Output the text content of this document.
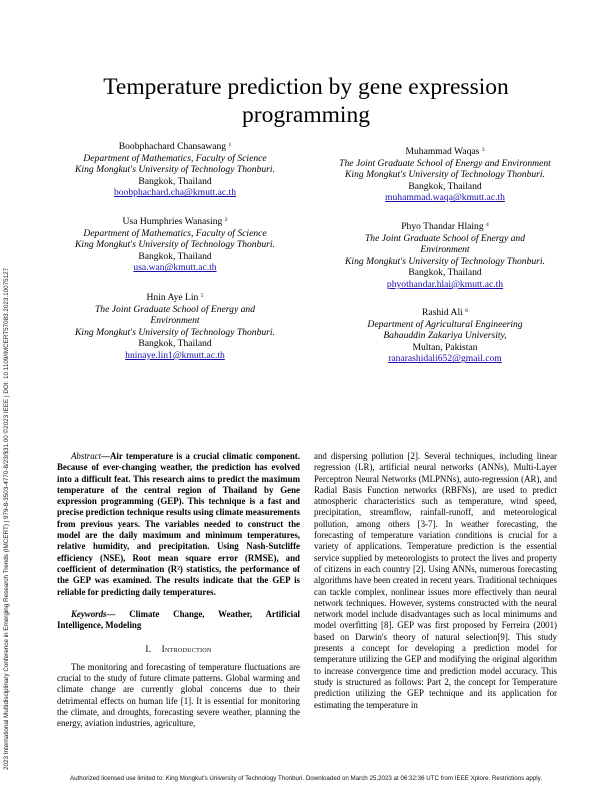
2023 International Multidisciplinary Conference in Emerging Research Trends (IMCERT) | 979-8-3503-4770-8/23/$31.00 ©2023 IEEE | DOI: 10.1109/IMCERT57083.2023.10075127
Temperature prediction by gene expression programming
Boobphachard Chansawang $^1$
Department of Mathematics, Faculty of Science
King Mongkut's University of Technology Thonburi.
Bangkok, Thailand
boobphachard.cha@kmutt.ac.th
Usa Humphries Wanasing $^2$
Department of Mathematics, Faculty of Science
King Mongkut's University of Technology Thonburi.
Bangkok, Thailand
usa.wan@kmutt.ac.th
Hnin Aye Lin $^5$
The Joint Graduate School of Energy and
Environment
King Mongkut's University of Technology Thonburi.
Bangkok, Thailand
hninaye.lin1@kmutt.ac.th
Muhammad Waqas $^3$
The Joint Graduate School of Energy and Environment
King Mongkut's University of Technology Thonburi.
Bangkok, Thailand
muhammad.waqa@kmutt.ac.th
Phyo Thandar Hlaing $^4$
The Joint Graduate School of Energy and
Environment
King Mongkut's University of Technology Thonburi.
Bangkok, Thailand
phyothandar.hlai@kmutt.ac.th
Rashid Ali $^6$
Department of Agricultural Engineering
Bahauddin Zakariya University,
Multan, Pakistan
ranarashidali652@gmail.com

Abstract—Air temperature is a crucial climatic component. Because of ever-changing weather, the prediction has evolved into a difficult feat. This research aims to predict the maximum temperature of the central region of Thailand by Gene expression programming (GEP). This technique is a fast and precise prediction technique results using climate measurements from previous years. The variables needed to construct the model are the daily maximum and minimum temperatures, relative humidity, and precipitation. Using Nash-Sutcliffe efficiency (NSE), Root mean square error (RMSE), and coefficient of determination (R²) statistics, the performance of the GEP was examined. The results indicate that the GEP is reliable for predicting daily temperatures.

Keywords— Climate Change, Weather, Artificial Intelligence, Modeling

I. Introduction

The monitoring and forecasting of temperature fluctuations are crucial to the study of future climate patterns. Global warming and climate change are currently global concerns due to their detrimental effects on human life [1]. It is essential for monitoring the climate, and droughts, forecasting severe weather, planning the energy, aviation industries, agriculture,

and dispersing pollution [2]. Several techniques, including linear regression (LR), artificial neural networks (ANNs), Multi-Layer Perceptron Neural Networks (MLPNNs), auto-regression (AR), and Radial Basis Function networks (RBFNs), are used to predict atmospheric characteristics such as temperature, wind speed, precipitation, streamflow, rainfall-runoff, and meteorological pollution, among others [3-7]. In weather forecasting, the forecasting of temperature variation conditions is crucial for a variety of applications. Temperature prediction is the essential service supplied by meteorologists to protect the lives and property of citizens in each country [2]. Using ANNs, numerous forecasting algorithms have been created in recent years. Traditional techniques can tackle complex, nonlinear issues more effectively than neural network techniques. However, systems constructed with the neural network model include disadvantages such as local minimums and model overfitting [8]. GEP was first proposed by Ferreira (2001) based on Darwin's theory of natural selection[9]. This study presents a concept for developing a prediction model for temperature utilizing the GEP and modifying the original algorithm to increase convergence time and prediction model accuracy. This study is structured as follows: Part 2, the concept for Temperature prediction utilizing the GEP technique and its application for estimating the temperature in

Authorized licensed use limited to: King Mongkut's University of Technology Thonburi. Downloaded on March 25,2023 at 06:32:36 UTC from IEEE Xplore. Restrictions apply.
